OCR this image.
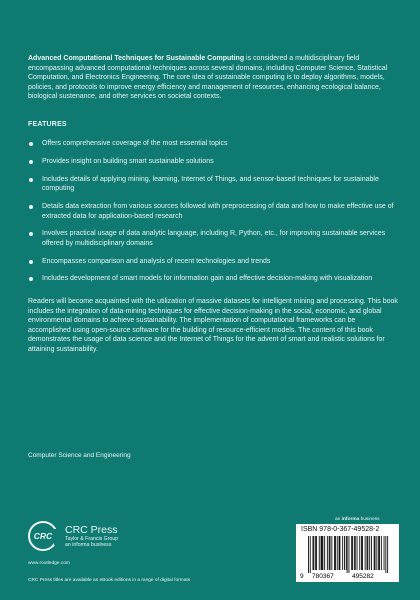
Advanced Computational Techniques for Sustainable Computing is considered a multidisciplinary field encompassing advanced computational techniques across several domains, including Computer Science, Statistical Computation, and Electronics Engineering. The core idea of sustainable computing is to deploy algorithms, models, policies, and protocols to improve energy efficiency and management of resources, enhancing ecological balance, biological sustenance, and other services on societal contexts.
FEATURES
Offers comprehensive coverage of the most essential topics
Provides insight on building smart sustainable solutions
Includes details of applying mining, learning, Internet of Things, and sensor-based techniques for sustainable computing
Details data extraction from various sources followed with preprocessing of data and how to make effective use of extracted data for application-based research
Involves practical usage of data analytic language, including R, Python, etc., for improving sustainable services offered by multidisciplinary domains
Encompasses comparison and analysis of recent technologies and trends
Includes development of smart models for information gain and effective decision-making with visualization
Readers will become acquainted with the utilization of massive datasets for intelligent mining and processing. This book includes the integration of data-mining techniques for effective decision-making in the social, economic, and global environmental domains to achieve sustainability. The implementation of computational frameworks can be accomplished using open-source software for the building of resource-efficient models. The content of this book demonstrates the usage of data science and the Internet of Things for the advent of smart and realistic solutions for attaining sustainability.
Computer Science and Engineering
CRC
CRC Press
Taylor & Francis Group
an informa business
www.routledge.com
CRC Press titles are available as eBook editions in a range of digital formats
an informa business
ISBN 978-0-367-49528-2
9 780367	495282
